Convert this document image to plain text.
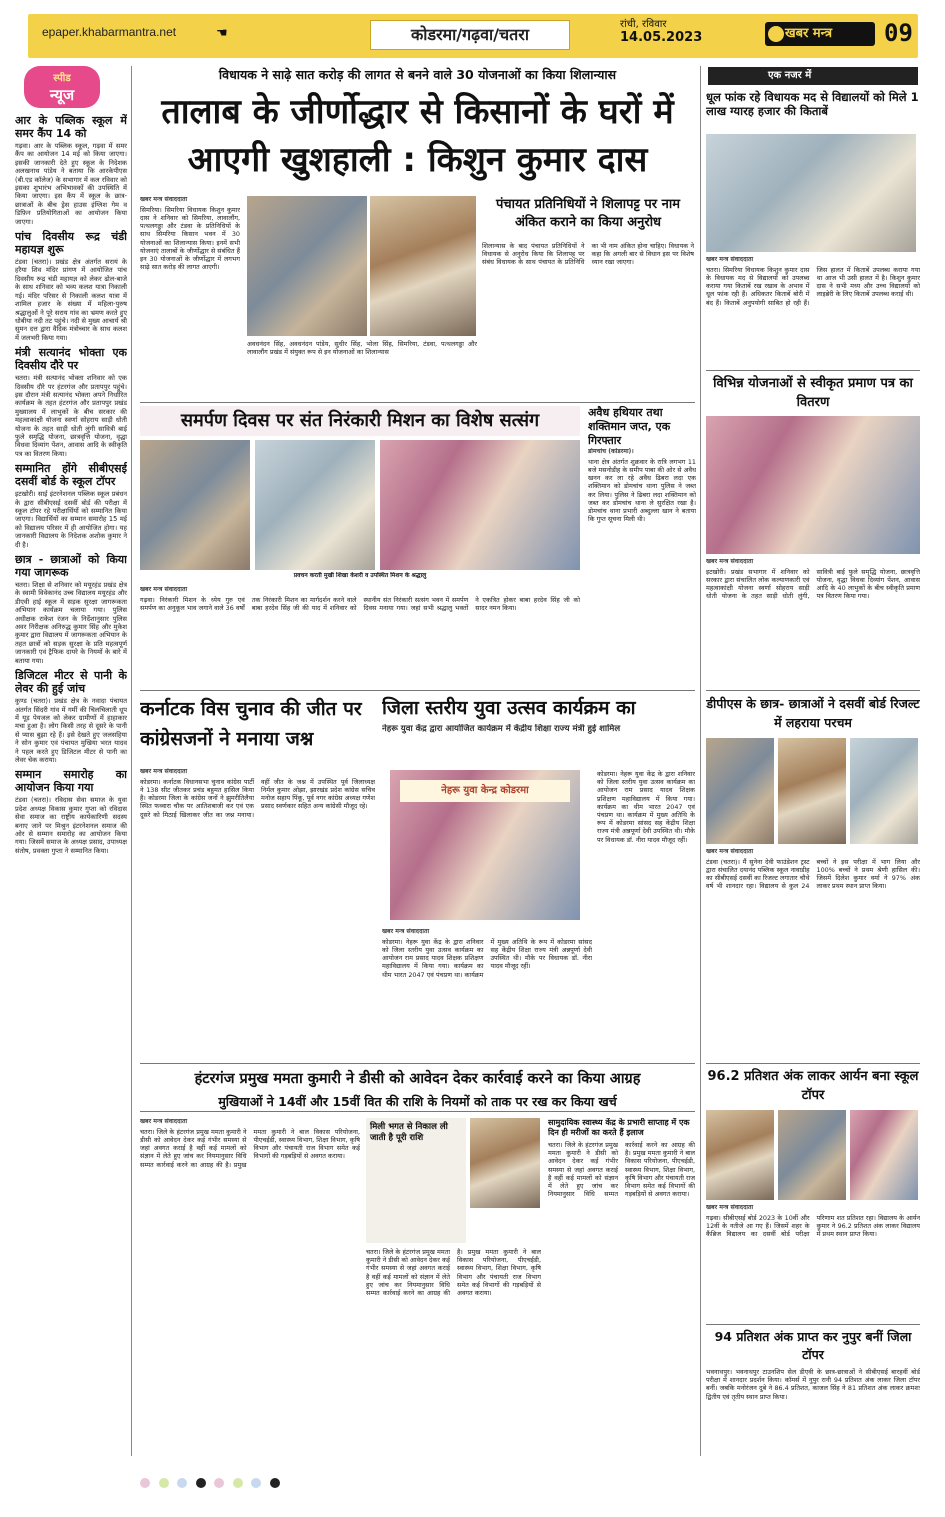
epaper.khabarmantra.net	☚	कोडरमा/गढ़वा/चतरा
रांची, रविवार
14.05.2023	खबर मन्त्र	09
स्पीड
न्यूज
आर के पब्लिक स्कूल में समर कैंप 14 को

गढ़वा। आर के पब्लिक स्कूल, गढ़वा में समर कैंप का आयोजन 14 मई को किया जाएगा। इसकी जानकारी देते हुए स्कूल के निदेशक अलखनाथ पांडेय ने बताया कि आरकेपीएस (बी.एड कॉलेज) के सभागार में कल रविवार को इसका शुभारंभ अभिभावकों की उपस्थिति में किया जाएगा। इस कैंप में स्कूल के छात्र-छात्राओं के बीच ड्रेस हाउस इंग्लिश गेम व डिफ़िन प्रतियोगिताओं का आयोजन किया जाएगा।

पांच दिवसीय रूद्र चंडी महायज्ञ शुरू

टंडवा (चतरा)। प्रखंड क्षेत्र अंतर्गत सरायं के हरैया शिव मंदिर प्रांगण में आयोजित पांच दिवसीय रूद्र चंडी महायज्ञ को लेकर ढोल-बाजे के साथ शनिवार को भव्य कलश यात्रा निकाली गई। मंदिर परिसर से निकाली कलश यात्रा में शामिल हजार के संख्या में महिला-पुरुष श्रद्धालुओं ने पूरे सराय गांव का भ्रमण करते हुए धोबीया नदी तट पहुंचे। नदी से मुख्य आचार्य श्री सुमन दत्त द्वारा वैदिक मंत्रोच्चार के साथ कलश में जलभरी किया गया।

मंत्री सत्यानंद भोक्ता एक दिवसीय दौरे पर

चतरा। मंत्री सत्यानंद भोक्ता शनिवार को एक दिवसीय दौरे पर हंटरगंज और प्रतापपुर पहुंचे। इस दौरान मंत्री सत्यानंद भोक्ता अपने निर्धारित कार्यक्रम के तहत हंटरगंज और प्रतापपुर प्रखंड मुख्यालय में लाभुकों के बीच सरकार की महत्वाकांक्षी योजना स्वर्णा सोहराय साड़ी धोती योजना के तहत साड़ी धोती लुंगी सावित्री बाई फुले समृद्धि योजना, छात्रवृत्ति योजना, वृद्धा विधवा दिव्यांग पेंशन, आवास आदि के स्वीकृति पत्र का वितरण किया।

सम्मानित होंगे सीबीएसई दसवीं बोर्ड के स्कूल टॉपर

इटखोरी। साई इंटरनेशनल पब्लिक स्कूल प्रबंधन के द्वारा सीबीएसई दसवीं बोर्ड की परीक्षा में स्कूल टॉपर रहे परीक्षार्थियों को सम्मानित किया जाएगा। विद्यार्थियों का सम्मान समारोह 15 मई को विद्यालय परिसर में ही आयोजित होगा। यह जानकारी विद्यालय के निदेशक अशोक कुमार ने दी है।

छात्र - छात्राओं को किया गया जागरूक

चतरा। शिक्षा से शनिवार को मयूरहंड प्रखंड क्षेत्र के स्वामी विवेकानंद उच्च विद्यालय मयूरहंड और डीएवी हाई स्कूल में सड़क सुरक्षा जागरूकता अभियान कार्यक्रम चलाया गया। पुलिस अधीक्षक राकेश रंजन के निर्देशानुसार पुलिस अवर निरीक्षक अनिरुद्ध कुमार सिंह और मुकेश कुमार द्वारा विद्यालय में जागरूकता अभियान के तहत छात्रों को सड़क सुरक्षा के प्रति महत्वपूर्ण जानकारी एवं ट्रैफिक दायरे के नियमों के बारे में बताया गया।

डिजिटल मीटर से पानी के लेवर की हुई जांच

कुण्ड (चतरा)। प्रखंड क्षेत्र के नवादा पंचायत अंतर्गत सिंदरी गांव में गर्मी की चिलचिलाती धूप में यूड़ पेयजल को लेकर ग्रामीणों में हाहाकार मचा हुआ है। लोग किसी तरह से दूसरे के पानी से प्यास बुझा रहे हैं। इसे देखते हुए जलसहिया ने सोन कुमार एवं पंचायत मुखिया भरत यादव ने पहल करते हुए डिजिटल मीटर से पानी का लेवर चेक कराया।

सम्मान समारोह का आयोजन किया गया

टंडवा (चतरा)। रविदास सेवा समाज के युवा प्रदेश अध्यक्ष विकास कुमार गुप्ता को रविदास सेवा समाज का राष्ट्रीय कार्यकारिणी सदस्य बनाए जाने पर मिश्रुन इंटरनेशनल समाज की ओर से सम्मान समारोह का आयोजन किया गया। जिसमें समाज के अध्यक्ष प्रसाद, उपाध्यक्ष संतोष, प्रवक्ता गुप्ता ने सम्मानित किया।

विधायक ने साढ़े सात करोड़ की लागत से बनने वाले 30 योजनाओं का किया शिलान्यास
तालाब के जीर्णोद्धार से किसानों के घरों में आएगी खुशहाली : किशुन कुमार दास
खबर मन्त्र संवाददाता
सिमरिया। सिमरिया विधायक किशुन कुमार दास ने शनिवार को सिमरिया, लावालौंग, पत्थलगड्डा और टंडवा के प्रतिनिधियों के साथ सिमरिया किसान भवन में 30 योजनाओं का शिलान्यास किया। इनमें सभी योजनाएं तालाबों के जीर्णोद्धार से संबंधित हैं इन 30 योजनाओं के जीर्णोद्धार में लगभग साढ़े सात करोड़ की लागत आएगी।
अवधनंदन सिंह, अवधनंदन पांडेय, सुधीर सिंह, भोला सिंह, सिमरिया, टंडवा, पत्थलगड्डा और लावालौंग प्रखंड में संयुक्त रूप से इन योजनाओं का शिलान्यास
पंचायत प्रतिनिधियों ने शिलापट्ट पर नाम अंकित कराने का किया अनुरोध
शिलान्यास के बाद पंचायत प्रतिनिधियों ने विधायक से अनुरोध किया कि शिलापट्ट पर संबंध विधायक के साथ पंचायत के प्रतिनिधि का भी नाम अंकित होना चाहिए। विधायक ने कहा कि अगली बार से विधान इस पर विशेष ध्यान रखा जाएगा।
समर्पण दिवस पर संत निरंकारी मिशन का विशेष सत्संग
प्रवचन करती मुखी शिखा केशरी व उपस्थित मिशन के श्रद्धालु
खबर मन्त्र संवाददाता
गढ़वा। निरंकारी मिशन के ध्येय गुरु एवं समर्पण का अनुकूल भाव जगाने वाले 36 वर्षों तक निरंकारी मिशन का मार्गदर्शन करने वाले बाबा हरदेव सिंह जी की याद में शनिवार को स्थानीय संत निरंकारी सत्संग भवन में समर्पण दिवस मनाया गया। जहां सभी श्रद्धालु भक्तों ने एकत्रित होकर बाबा हरदेव सिंह जी को सादर नमन किया।
अवैध हथियार तथा शक्तिमान जप्त, एक गिरफ्तार
डोमचांच (कोडरमा)।
थाना क्षेत्र अंतर्गत शुक्रवार के रात्रि लगभग 11 बजे मसनोडीह के समीप पाबा की ओर से अवैध खनन कर ला रहे अवैध ढिबरा लदा एक शक्तिमान को डोमचांच थाना पुलिस ने जब्त कर लिया। पुलिस ने ढिबरा लदा शक्तिमान को जब्त कर डोमचांच थाना ले सुरक्षित रखा है। डोमचांच थाना प्रभारी अब्दुल्ला खान ने बताया कि गुप्त सूचना मिली थी।
कर्नाटक विस चुनाव की जीत पर कांग्रेसजनों ने मनाया जश्न
खबर मन्त्र संवाददाता
कोडरमा। कर्नाटक विधानसभा चुनाव कांग्रेस पार्टी ने 138 सीट जीतकर प्रचंड बहुमत हासिल किया है। कोडरमा जिला के कांग्रेस जनों ने झुमरीतिलैया स्थित फव्वारा चौक पर आतिशबाजी कर एवं एक दूसरे को मिठाई खिलाकर जीत का जश्न मनाया। वहीं जीत के जश्न में उपस्थित पूर्व जिलाध्यक्ष निर्मल कुमार ओझा, झारखंड प्रदेश कांग्रेस सचिव मनोज सहाय पिंकू, पूर्व नगर कांग्रेस अध्यक्ष गणेश प्रसाद स्वर्णकार सहित अन्य कांग्रेसी मौजूद रहे।
जिला स्तरीय युवा उत्सव कार्यक्रम का
नेहरू युवा केंद्र द्वारा आयोजित कार्यक्रम में केंद्रीय शिक्षा राज्य मंत्री हुई शामिल
नेहरू युवा केन्द्र कोडरमा
खबर मन्त्र संवाददाता
कोडरमा। नेहरू युवा केंद्र के द्वारा शनिवार को जिला स्तरीय युवा उत्सव कार्यक्रम का आयोजन राम प्रसाद यादव शिक्षक प्रशिक्षण महाविद्यालय में किया गया। कार्यक्रम का थीम भारत 2047 एवं पंचप्रण था। कार्यक्रम में मुख्य अतिथि के रूप में कोडरमा सांसद सह केंद्रीय शिक्षा राज्य मंत्री अन्नपूर्णा देवी उपस्थित थी। मौके पर विधायक डॉ. नीरा यादव मौजूद रहीं।
कोडरमा। नेहरू युवा केंद्र के द्वारा शनिवार को जिला स्तरीय युवा उत्सव कार्यक्रम का आयोजन राम प्रसाद यादव शिक्षक प्रशिक्षण महाविद्यालय में किया गया। कार्यक्रम का थीम भारत 2047 एवं पंचप्रण था। कार्यक्रम में मुख्य अतिथि के रूप में कोडरमा सांसद सह केंद्रीय शिक्षा राज्य मंत्री अन्नपूर्णा देवी उपस्थित थी। मौके पर विधायक डॉ. नीरा यादव मौजूद रहीं।
हंटरगंज प्रमुख ममता कुमारी ने डीसी को आवेदन देकर कार्रवाई करने का किया आग्रह
मुखियाओं ने 14वीं और 15वीं वित की राशि के नियमों को ताक पर रख कर किया खर्च
खबर मन्त्र संवाददाता
चतरा। जिले के हंटरगंज प्रमुख ममता कुमारी ने डीसी को आवेदन देकर कई गंभीर समस्या से जहां अवगत कराई है वहीं कई मामलों को संज्ञान में लेते हुए जांच कर नियमानुसार विधि सम्मत कार्रवाई करने का आग्रह की है। प्रमुख ममता कुमारी ने बाल विकास परियोजना, पीएचईडी, स्वास्थ्य विभाग, शिक्षा विभाग, कृषि विभाग और पंचायती राज विभाग समेत कई विभागों की गड़बड़ियों से अवगत कराया।
मिली भगत से निकाल ली जाती है पूरी राशि
चतरा। जिले के हंटरगंज प्रमुख ममता कुमारी ने डीसी को आवेदन देकर कई गंभीर समस्या से जहां अवगत कराई है वहीं कई मामलों को संज्ञान में लेते हुए जांच कर नियमानुसार विधि सम्मत कार्रवाई करने का आग्रह की है। प्रमुख ममता कुमारी ने बाल विकास परियोजना, पीएचईडी, स्वास्थ्य विभाग, शिक्षा विभाग, कृषि विभाग और पंचायती राज विभाग समेत कई विभागों की गड़बड़ियों से अवगत कराया।
सामुदायिक स्वास्थ्य केंद्र के प्रभारी साप्ताह में एक दिन ही मरीजों का करते हैं इलाज
चतरा। जिले के हंटरगंज प्रमुख ममता कुमारी ने डीसी को आवेदन देकर कई गंभीर समस्या से जहां अवगत कराई है वहीं कई मामलों को संज्ञान में लेते हुए जांच कर नियमानुसार विधि सम्मत कार्रवाई करने का आग्रह की है। प्रमुख ममता कुमारी ने बाल विकास परियोजना, पीएचईडी, स्वास्थ्य विभाग, शिक्षा विभाग, कृषि विभाग और पंचायती राज विभाग समेत कई विभागों की गड़बड़ियों से अवगत कराया।
एक नजर में
धूल फांक रहे विधायक मद से विद्यालयों को मिले 1 लाख ग्यारह हजार की किताबें
खबर मन्त्र संवाददाता
चतरा। सिमरिया विधायक किशुन कुमार दास के विधायक मद से विद्यालयों को उपलब्ध कराया गया किताबें रख रखाव के अभाव में धूल फांक रही हैं। अधिकतर किताबें बोरी में बंद हैं। किताबें अनुपयोगी साबित हो रही हैं। जिस हालत में किताबें उपलब्ध कराया गया था आज भी उसी हालत में है। किशुन कुमार दास ने सभी मध्य और उच्च विद्यालयों को लाइब्रेरी के लिए किताबें उपलब्ध कराई थी।
विभिन्न योजनाओं से स्वीकृत प्रमाण पत्र का वितरण
खबर मन्त्र संवाददाता
इटखोरी। प्रखंड सभागार में शनिवार को सरकार द्वारा संचालित लोक कल्याणकारी एवं महत्वाकांक्षी योजना स्वर्णा सोहराय साड़ी धोती योजना के तहत साड़ी धोती लुंगी, सावित्री बाई फुले समृद्धि योजना, छात्रवृत्ति योजना, वृद्धा विधवा दिव्यांग पेंशन, आवास आदि के 40 लाभुकों के बीच स्वीकृति प्रमाण पत्र वितरण किया गया।
डीपीएस के छात्र- छात्राओं ने दसवीं बोर्ड रिजल्ट में लहराया परचम
खबर मन्त्र संवाददाता
टंडवा (चतरा)। मैं सुनेना देवी फाउंडेशन ट्रस्ट द्वारा संचालित दयानंद पब्लिक स्कूल नावाडीह का सीबीएसई दसवीं का रिजल्ट लगातार चौथे वर्ष भी शानदार रहा। विद्यालय से कुल 24 बच्चों ने इस परीक्षा में भाग लिया और 100% बच्चों ने प्रथम श्रेणी हासिल की। जिसमें दिलेश कुमार वर्मा ने 97% अंक लाकर प्रथम स्थान प्राप्त किया।
96.2 प्रतिशत अंक लाकर आर्यन बना स्कूल टॉपर
खबर मन्त्र संवाददाता
गढ़वा। सीबीएसई बोर्ड 2023 के 10वीं और 12वीं के नतीजे आ गए हैं। जिसमें शहर के कैंब्रिज विद्यालय का दसवीं बोर्ड परीक्षा परिणाम शत प्रतिशत रहा। विद्यालय के आर्यन कुमार ने 96.2 प्रतिशत अंक लाकर विद्यालय में प्रथम स्थान प्राप्त किया।
94 प्रतिशत अंक प्राप्त कर नुपुर बनीं जिला टॉपर
भवनाथपुर। भवनाथपुर टाउनशिप सेल डीएवी के छात्र-छात्राओं ने सीबीएसई बारहवीं बोर्ड परीक्षा में शानदार प्रदर्शन किया। कॉमर्स में नुपुर रानी 94 प्रतिशत अंक लाकर जिला टॉपर बनीं। जबकि मनोरंजन दुबे ने 86.4 प्रतिशत, काजल सिंह ने 81 प्रतिशत अंक लाकर क्रमशः द्वितीय एवं तृतीय स्थान प्राप्त किया।
